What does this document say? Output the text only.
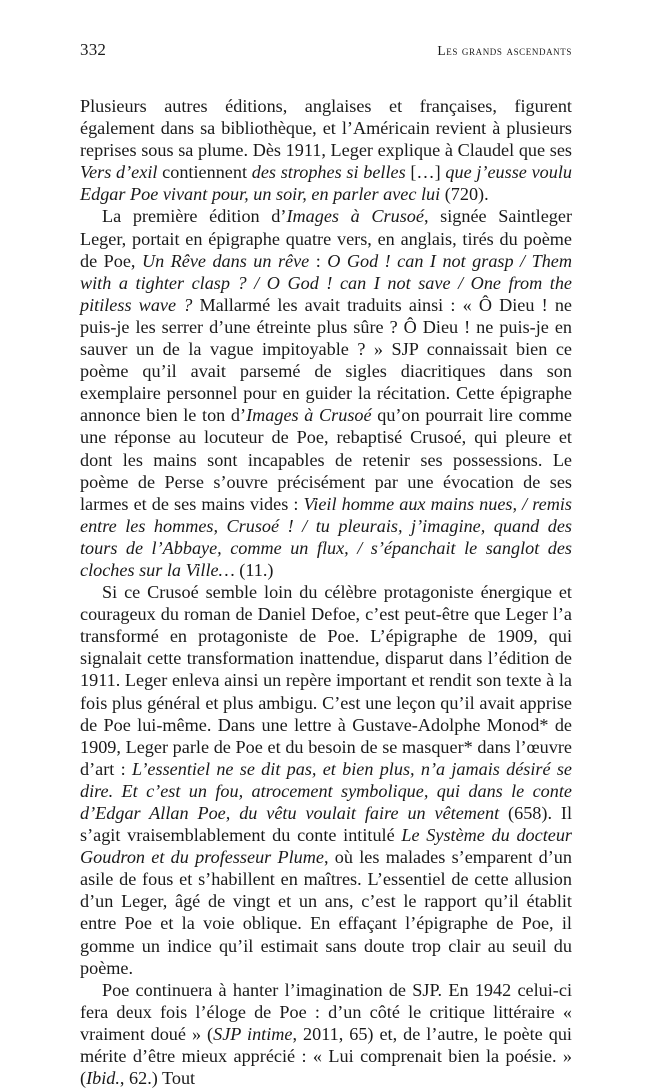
332	Les grands ascendants

Plusieurs autres éditions, anglaises et françaises, figurent également dans sa bibliothèque, et l’Américain revient à plusieurs reprises sous sa plume. Dès 1911, Leger explique à Claudel que ses Vers d’exil contiennent des strophes si belles […] que j’eusse voulu Edgar Poe vivant pour, un soir, en parler avec lui (720).

La première édition d’Images à Crusoé, signée Saintleger Leger, portait en épigraphe quatre vers, en anglais, tirés du poème de Poe, Un Rêve dans un rêve : O God ! can I not grasp / Them with a tighter clasp ? / O God ! can I not save / One from the pitiless wave ? Mallarmé les avait traduits ainsi : « Ô Dieu ! ne puis-je les serrer d’une étreinte plus sûre ? Ô Dieu ! ne puis-je en sauver un de la vague impitoyable ? » SJP connaissait bien ce poème qu’il avait parsemé de sigles diacritiques dans son exemplaire personnel pour en guider la récitation. Cette épigraphe annonce bien le ton d’Images à Crusoé qu’on pourrait lire comme une réponse au locuteur de Poe, rebaptisé Crusoé, qui pleure et dont les mains sont incapables de retenir ses possessions. Le poème de Perse s’ouvre précisément par une évocation de ses larmes et de ses mains vides : Vieil homme aux mains nues, / remis entre les hommes, Crusoé ! / tu pleurais, j’imagine, quand des tours de l’Abbaye, comme un flux, / s’épanchait le sanglot des cloches sur la Ville… (11.)

Si ce Crusoé semble loin du célèbre protagoniste énergique et courageux du roman de Daniel Defoe, c’est peut-être que Leger l’a transformé en protagoniste de Poe. L’épigraphe de 1909, qui signalait cette transformation inattendue, disparut dans l’édition de 1911. Leger enleva ainsi un repère important et rendit son texte à la fois plus général et plus ambigu. C’est une leçon qu’il avait apprise de Poe lui-même. Dans une lettre à Gustave-Adolphe Monod* de 1909, Leger parle de Poe et du besoin de se masquer* dans l’œuvre d’art : L’essentiel ne se dit pas, et bien plus, n’a jamais désiré se dire. Et c’est un fou, atrocement symbolique, qui dans le conte d’Edgar Allan Poe, du vêtu voulait faire un vêtement (658). Il s’agit vraisemblablement du conte intitulé Le Système du docteur Goudron et du professeur Plume, où les malades s’emparent d’un asile de fous et s’habillent en maîtres. L’essentiel de cette allusion d’un Leger, âgé de vingt et un ans, c’est le rapport qu’il établit entre Poe et la voie oblique. En effaçant l’épigraphe de Poe, il gomme un indice qu’il estimait sans doute trop clair au seuil du poème.

Poe continuera à hanter l’imagination de SJP. En 1942 celui-ci fera deux fois l’éloge de Poe : d’un côté le critique littéraire « vraiment doué » (SJP intime, 2011, 65) et, de l’autre, le poète qui mérite d’être mieux apprécié : « Lui comprenait bien la poésie. » (Ibid., 62.) Tout
